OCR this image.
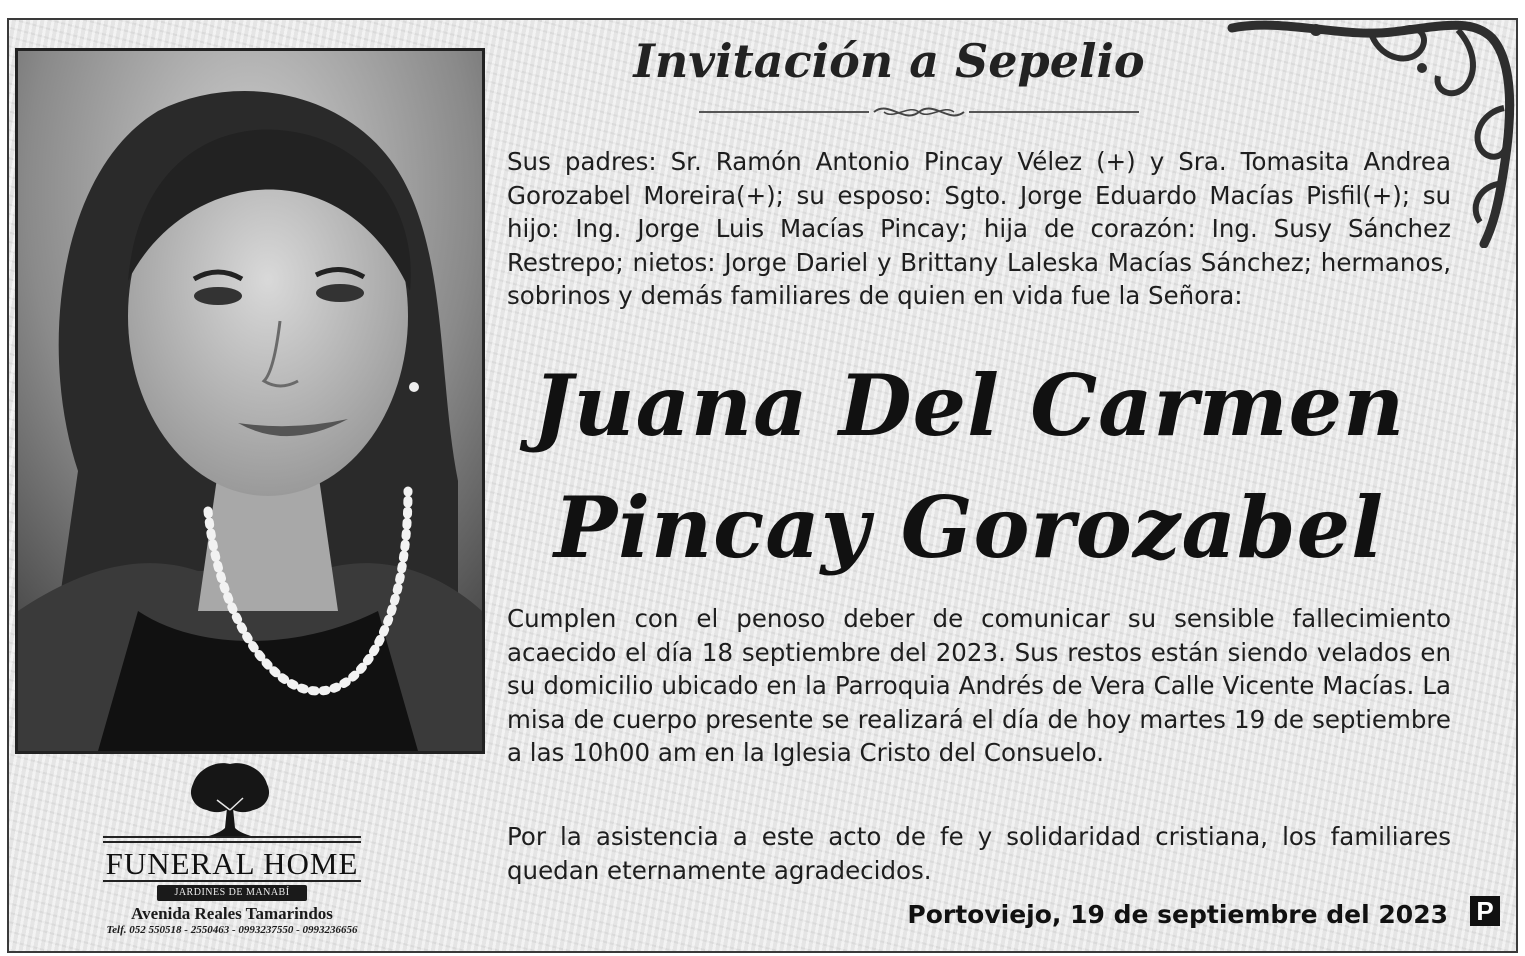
FUNERAL HOME
JARDINES DE MANABÍ
Avenida Reales Tamarindos
Telf. 052 550518 - 2550463 - 0993237550 - 0993236656
Invitación a Sepelio

Sus padres: Sr. Ramón Antonio Pincay Vélez (+) y Sra. Tomasita Andrea Gorozabel Moreira(+); su esposo: Sgto. Jorge Eduardo Macías Pisfil(+); su hijo: Ing. Jorge Luis Macías Pincay; hija de corazón: Ing. Susy Sánchez Restrepo; nietos: Jorge Dariel y Brittany Laleska Macías Sánchez; hermanos, sobrinos y demás familiares de quien en vida fue la Señora:

Juana Del Carmen
Pincay Gorozabel

Cumplen con el penoso deber de comunicar su sensible fallecimiento acaecido el día 18 septiembre del 2023. Sus restos están siendo velados en su domicilio ubicado en la Parroquia Andrés de Vera Calle Vicente Macías. La misa de cuerpo presente se realizará el día de hoy martes 19 de septiembre a las 10h00 am en la Iglesia Cristo del Consuelo.

Por la asistencia a este acto de fe y solidaridad cristiana, los familiares quedan eternamente agradecidos.

Portoviejo, 19 de septiembre del 2023 P
